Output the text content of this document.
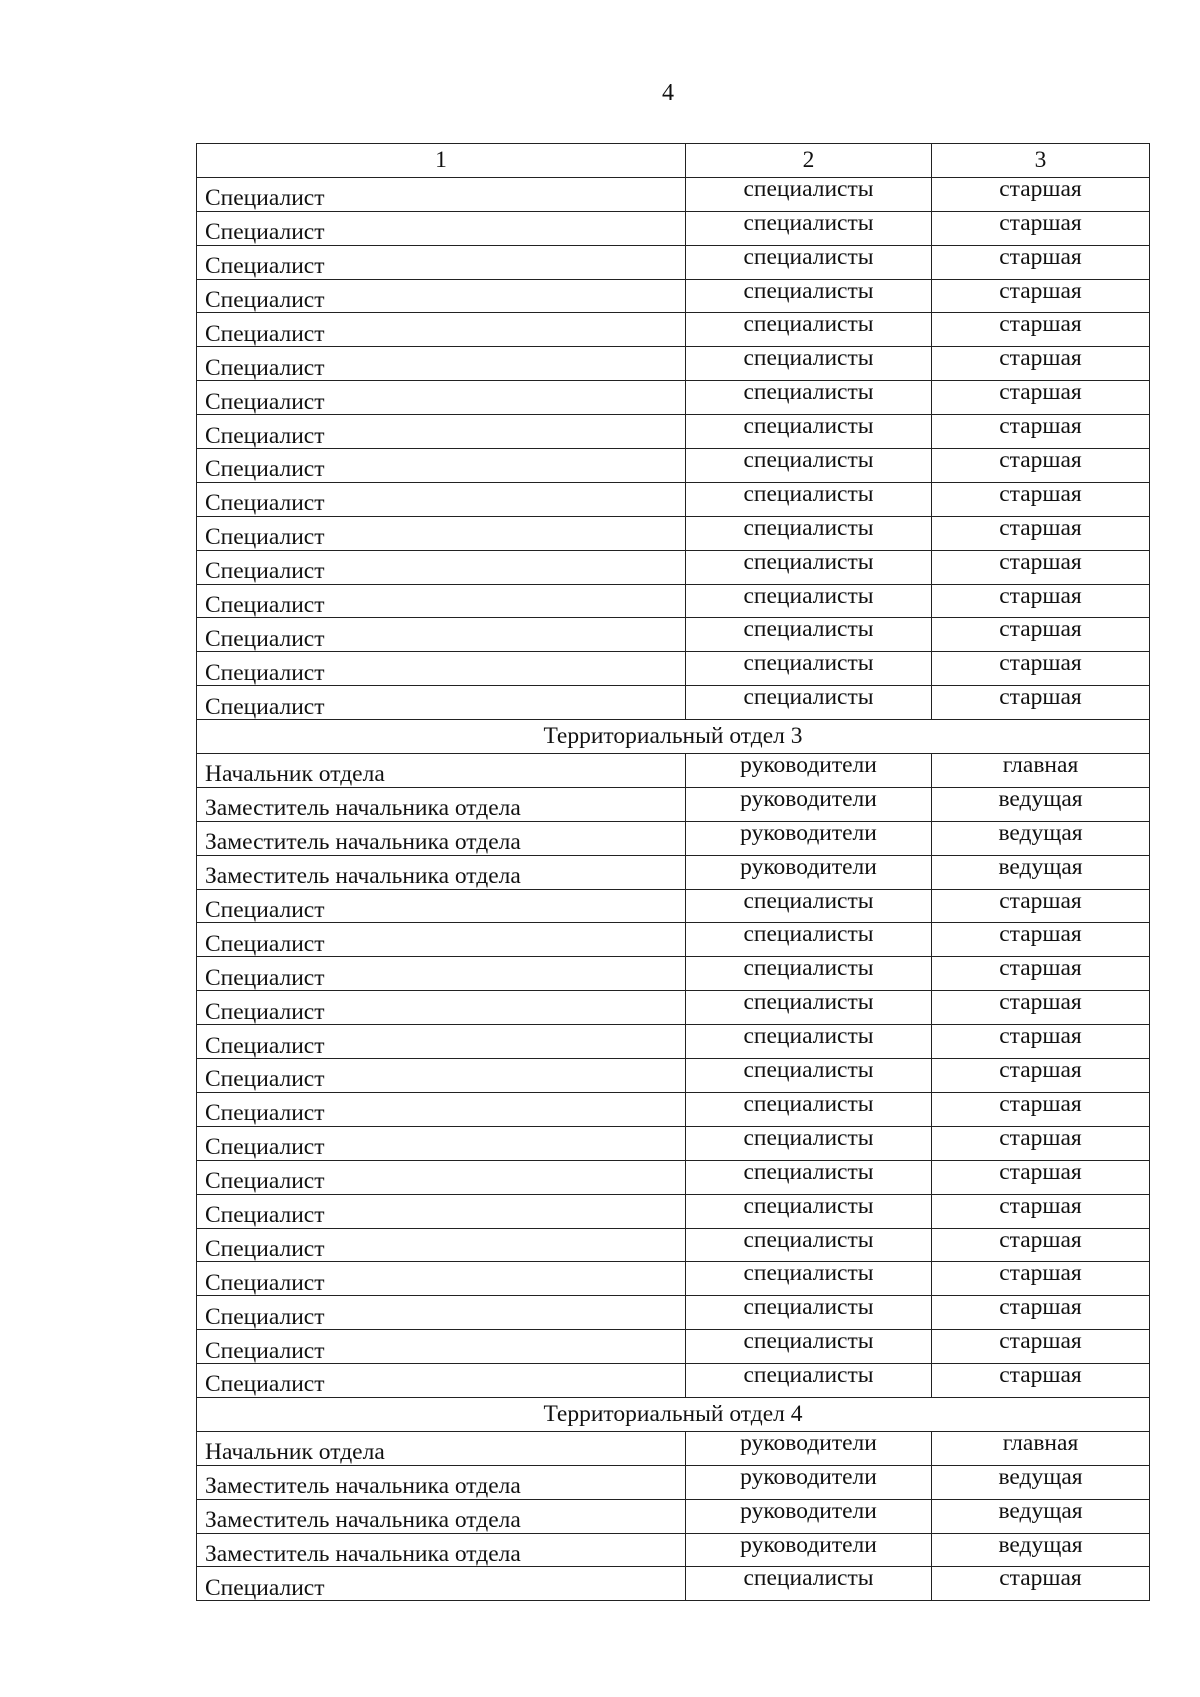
4
1	2	3
Специалист	специалисты	старшая
Специалист	специалисты	старшая
Специалист	специалисты	старшая
Специалист	специалисты	старшая
Специалист	специалисты	старшая
Специалист	специалисты	старшая
Специалист	специалисты	старшая
Специалист	специалисты	старшая
Специалист	специалисты	старшая
Специалист	специалисты	старшая
Специалист	специалисты	старшая
Специалист	специалисты	старшая
Специалист	специалисты	старшая
Специалист	специалисты	старшая
Специалист	специалисты	старшая
Специалист	специалисты	старшая
Территориальный отдел 3		
Начальник отдела	руководители	главная
Заместитель начальника отдела	руководители	ведущая
Заместитель начальника отдела	руководители	ведущая
Заместитель начальника отдела	руководители	ведущая
Специалист	специалисты	старшая
Специалист	специалисты	старшая
Специалист	специалисты	старшая
Специалист	специалисты	старшая
Специалист	специалисты	старшая
Специалист	специалисты	старшая
Специалист	специалисты	старшая
Специалист	специалисты	старшая
Специалист	специалисты	старшая
Специалист	специалисты	старшая
Специалист	специалисты	старшая
Специалист	специалисты	старшая
Специалист	специалисты	старшая
Специалист	специалисты	старшая
Специалист	специалисты	старшая
Территориальный отдел 4		
Начальник отдела	руководители	главная
Заместитель начальника отдела	руководители	ведущая
Заместитель начальника отдела	руководители	ведущая
Заместитель начальника отдела	руководители	ведущая
Специалист	специалисты	старшая
